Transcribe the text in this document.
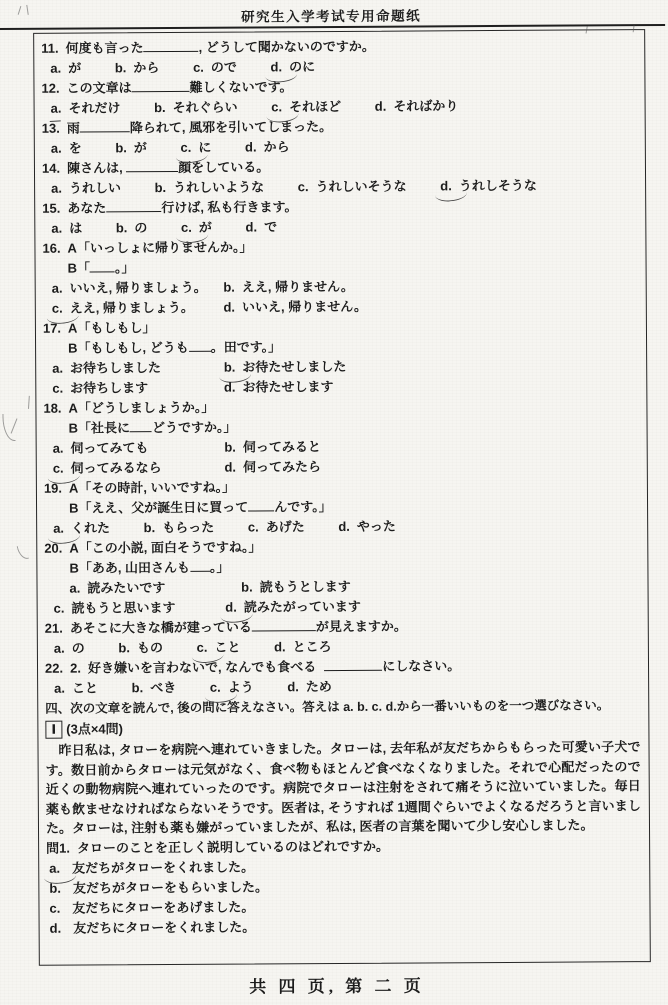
研究生入学考试专用命题纸
11. 何度も言った	, どうして聞かないのですか。
a. が	b. から	c. ので	d. のに
12. この文章は	難しくないです。
a. それだけ	b. それぐらい	c. それほど	d. そればかり
13. 雨	降られて, 風邪を引いてしまった。
a. を	b. が	c. に	d. から
14. 陳さんは,	顔をしている。
a. うれしい	b. うれしいような	c. うれしいそうな	d. うれしそうな
15. あなた	行けば, 私も行きます。
a. は	b. の	c. が	d. で
16. A「いっしょに帰りませんか。」
B「 。」
a. いいえ, 帰りましょう。 b. ええ, 帰りません。
c. ええ, 帰りましょう。 d. いいえ, 帰りません。
17. A「もしもし」
B「もしもし, どうも 。田です。」
a. お待ちしました	b. お待たせしました
c. お待ちします	d. お待たせします
18. A「どうしましょうか。」
B「社長に どうですか。」
a. 伺ってみても	b. 伺ってみると
c. 伺ってみるなら	d. 伺ってみたら
19. A「その時計, いいですね。」
B「ええ、父が誕生日に買って んです。」
a. くれた	b. もらった	c. あげた	d. やった
20. A「この小説, 面白そうですね。」
B「ああ, 山田さんも 。」
a. 読みたいです	b. 読もうとします
c. 読もうと思います	d. 読みたがっています
21. あそこに大きな橋が建っている	が見えますか。
a. の	b. もの	c. こと	d. ところ
22. 2. 好き嫌いを言わないで, なんでも食べる	にしなさい。
a. こと	b. べき	c. よう	d. ため
四、次の文章を読んで, 後の問に答えなさい。答えは a. b. c. d.から一番いいものを一つ選びなさい。
Ⅰ (3点×4問)

昨日私は, タローを病院へ連れていきました。タローは, 去年私が友だちからもらった可愛い子犬です。数日前からタローは元気がなく、食べ物もほとんど食べなくなりました。それで心配だったので近くの動物病院へ連れていったのです。病院でタローは注射をされて痛そうに泣いていました。毎日薬も飲ませなければならないそうです。医者は, そうすれば 1週間ぐらいでよくなるだろうと言いました。タローは, 注射も薬も嫌がっていましたが、私は, 医者の言葉を聞いて少し安心しました。

問1. タローのことを正しく説明しているのはどれですか。
a. 友だちがタローをくれました。
b. 友だちがタローをもらいました。
c. 友だちにタローをあげました。
d. 友だちにタローをくれました。
共 四 页, 第 二 页
